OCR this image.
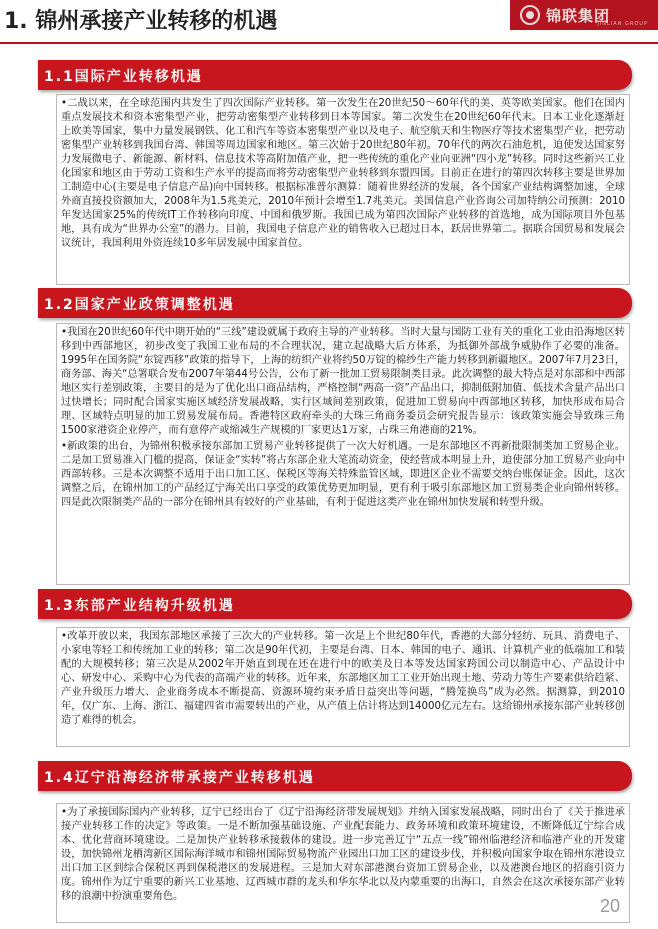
1. 锦州承接产业转移的机遇	锦联集团
JINLIAN GROUP
1.1国际产业转移机遇

•二战以来，在全球范围内共发生了四次国际产业转移。第一次发生在20世纪50～60年代的美、英等欧美国家。他们在国内重点发展技术和资本密集型产业，把劳动密集型产业转移到日本等国家。第二次发生在20世纪60年代末。日本工业化逐渐赶上欧美等国家，集中力量发展钢铁、化工和汽车等资本密集型产业以及电子、航空航天和生物医疗等技术密集型产业，把劳动密集型产业转移到我国台湾、韩国等周边国家和地区。第三次始于20世纪80年初。70年代的两次石油危机，迫使发达国家努力发展微电子、新能源、新材料、信息技术等高附加值产业，把一些传统的重化产业向亚洲“四小龙”转移。同时这些新兴工业化国家和地区由于劳动工资和生产水平的提高而将劳动密集型产业转移到东盟四国。目前正在进行的第四次转移主要是世界加工制造中心(主要是电子信息产品)向中国转移。根据标准普尔测算：随着世界经济的发展，各个国家产业结构调整加速，全球外商直接投资额加大，2008年为1.5兆美元，2010年预计会增至1.7兆美元。美国信息产业咨询公司加特纳公司预测：2010年发达国家25%的传统IT工作转移向印度、中国和俄罗斯。我国已成为第四次国际产业转移的首选地，成为国际项目外包基地，具有成为“世界办公室”的潜力。目前，我国电子信息产业的销售收入已超过日本，跃居世界第二。据联合国贸易和发展会议统计，我国利用外资连续10多年居发展中国家首位。

1.2国家产业政策调整机遇

•我国在20世纪60年代中期开始的“三线”建设就属于政府主导的产业转移。当时大量与国防工业有关的重化工业由沿海地区转移到中西部地区，初步改变了我国工业布局的不合理状况，建立起战略大后方体系，为抵御外部战争威胁作了必要的准备。1995年在国务院“东锭西移”政策的指导下，上海的纺织产业将约50万锭的棉纱生产能力转移到新疆地区。2007年7月23日，商务部、海关“总署联合发布2007年第44号公告，公布了新一批加工贸易限制类目录。此次调整的最大特点是对东部和中西部地区实行差别政策，主要目的是为了优化出口商品结构，严格控制“两高一资”产品出口，抑制低附加值、低技术含量产品出口过快增长；同时配合国家实施区域经济发展战略，实行区域间差别政策，促进加工贸易向中西部地区转移，加快形成布局合理、区域特点明显的加工贸易发展布局。香港特区政府牵头的大珠三角商务委员会研究报告显示：该政策实施会导致珠三角1500家港资企业停产，而有意停产或缩减生产规模的厂家更达1万家，占珠三角港商的21%。

•新政策的出台，为锦州积极承接东部加工贸易产业转移提供了一次大好机遇。一是东部地区不再新批限制类加工贸易企业。二是加工贸易准入门槛的提高，保证金“实转”将占东部企业大笔流动资金，使经营成本明显上升，迫使部分加工贸易产业向中西部转移。三是本次调整不适用于出口加工区、保税区等海关特殊监管区域，即进区企业不需要交纳台账保证金。因此，这次调整之后，在锦州加工的产品经辽宁海关出口享受的政策优势更加明显，更有利于吸引东部地区加工贸易类企业向锦州转移。四是此次限制类产品的一部分在锦州具有较好的产业基础，有利于促进这类产业在锦州加快发展和转型升级。

1.3东部产业结构升级机遇

•改革开放以来，我国东部地区承接了三次大的产业转移。第一次是上个世纪80年代，香港的大部分轻纺、玩具、消费电子、小家电等轻工和传统加工业的转移；第二次是90年代初，主要是台湾、日本、韩国的电子、通讯、计算机产业的低端加工和装配的大规模转移；第三次是从2002年开始直到现在还在进行中的欧美及日本等发达国家跨国公司以制造中心、产品设计中心、研发中心、采购中心为代表的高端产业的转移。近年来，东部地区加工工业开始出现土地、劳动力等生产要素供给趋紧、产业升级压力增大、企业商务成本不断提高、资源环境约束矛盾日益突出等问题，“腾笼换鸟”成为必然。据测算，到2010年，仅广东、上海、浙江、福建四省市需要转出的产业，从产值上估计将达到14000亿元左右。这给锦州承接东部产业转移创造了难得的机会。

1.4辽宁沿海经济带承接产业转移机遇

•为了承接国际国内产业转移，辽宁已经出台了《辽宁沿海经济带发展规划》并纳入国家发展战略，同时出台了《关于推进承接产业转移工作的决定》等政策。一是不断加强基础设施、产业配套能力、政务环境和政策环境建设，不断降低辽宁综合成本、优化营商环境建设。二是加快产业转移承接载体的建设。进一步完善辽宁“五点一线”锦州临港经济和临港产业的开发建设，加快锦州龙栖湾新区国际海洋城市和锦州国际贸易物流产业园出口加工区的建设步伐，并积极向国家争取在锦州东港设立出口加工区到综合保税区再到保税港区的发展进程。三是加大对东部港澳台资加工贸易企业，以及港澳台地区的招商引资力度。锦州作为辽宁重要的新兴工业基地、辽西城市群的龙头和华东华北以及内蒙重要的出海口，自然会在这次承接东部产业转移的浪潮中扮演重要角色。	20
